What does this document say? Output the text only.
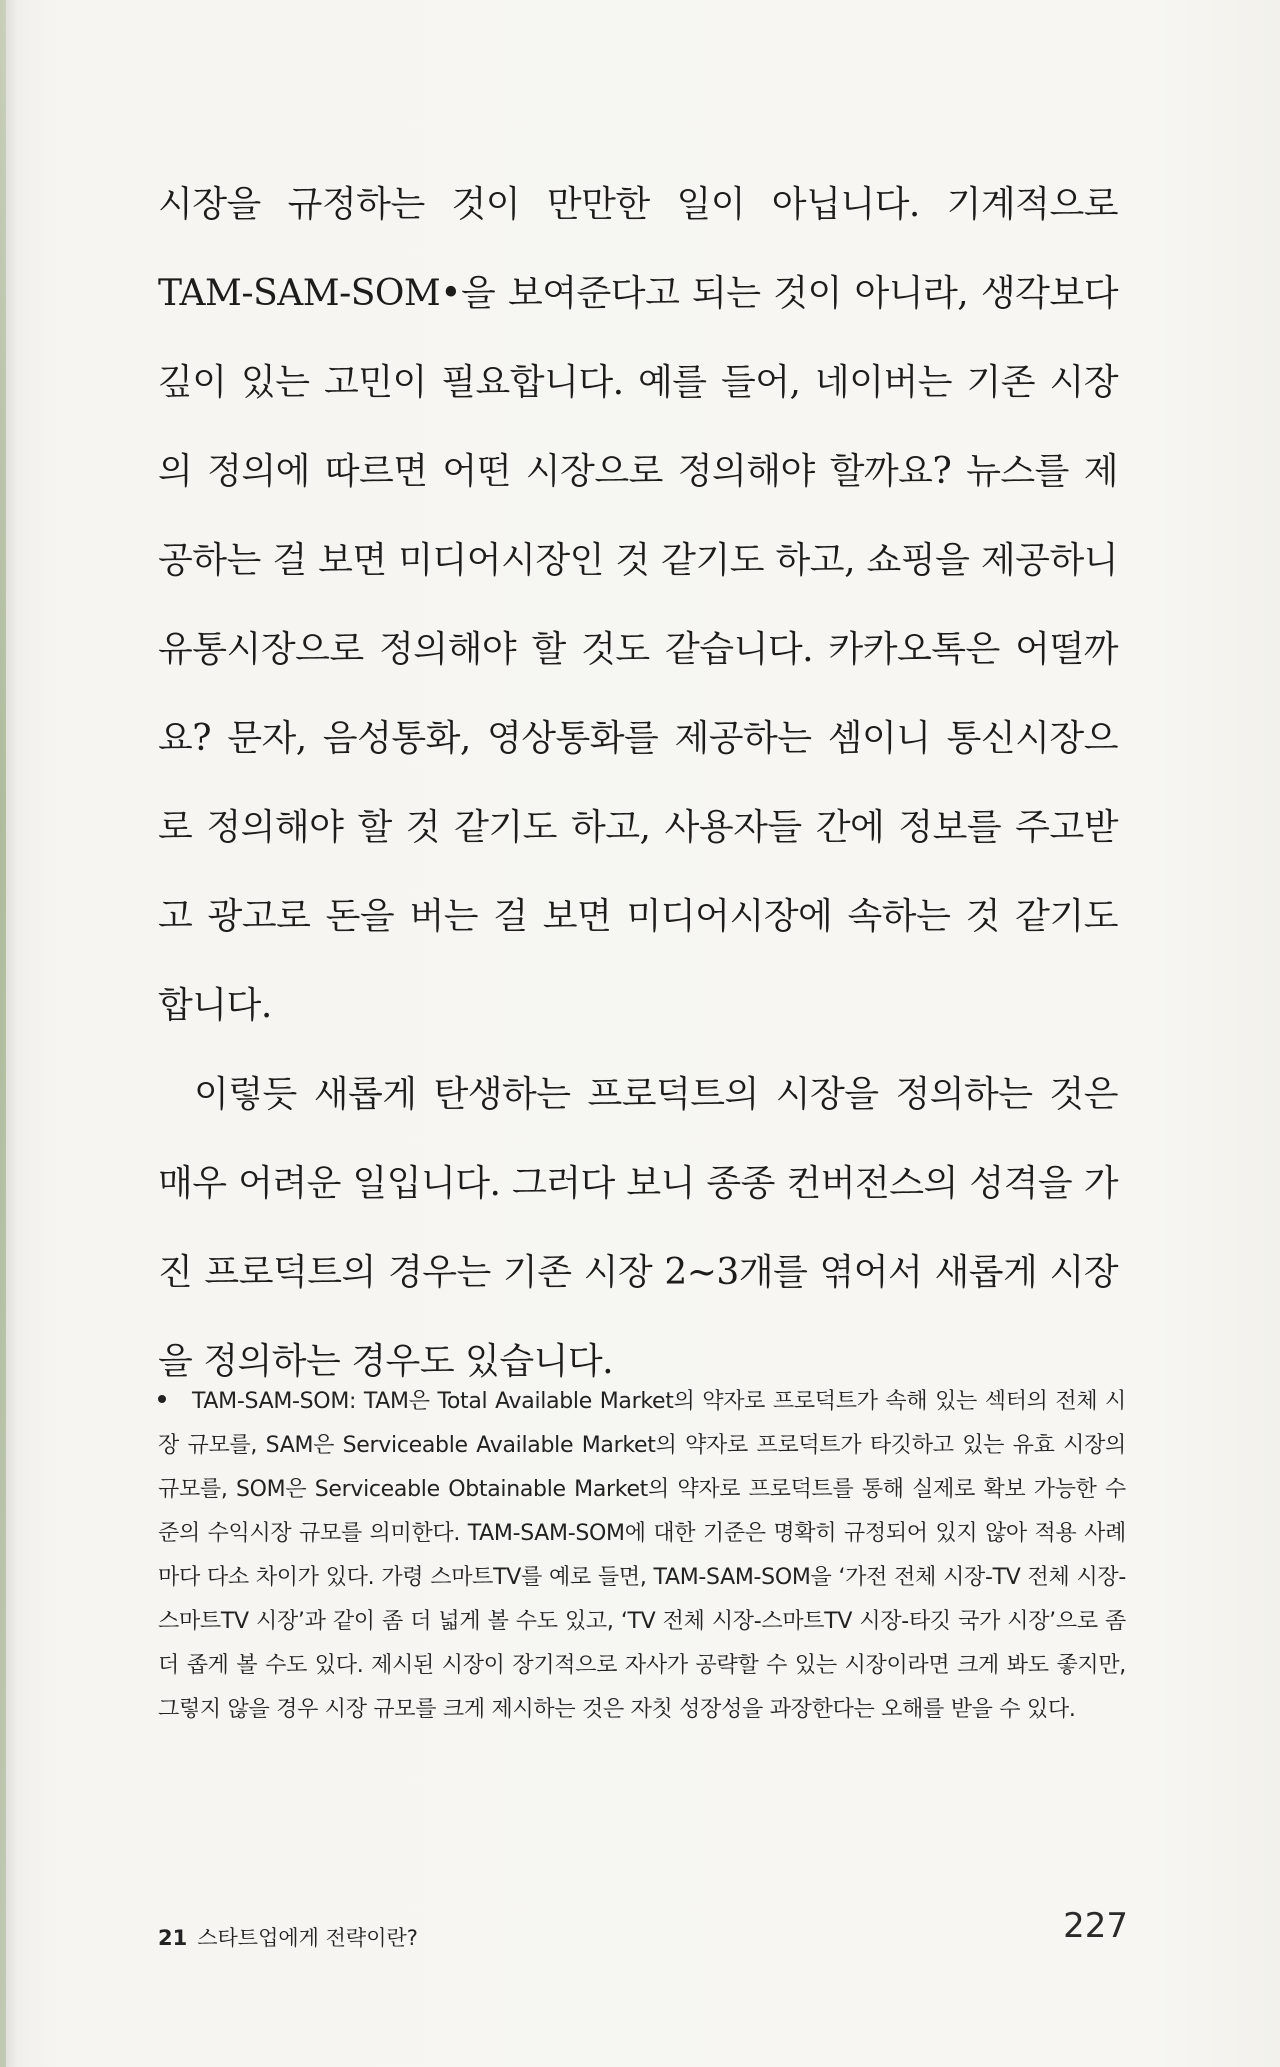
시장을 규정하는 것이 만만한 일이 아닙니다. 기계적으로 TAM-SAM-SOM•을 보여준다고 되는 것이 아니라, 생각보다 깊이 있는 고민이 필요합니다. 예를 들어, 네이버는 기존 시장의 정의에 따르면 어떤 시장으로 정의해야 할까요? 뉴스를 제공하는 걸 보면 미디어시장인 것 같기도 하고, 쇼핑을 제공하니 유통시장으로 정의해야 할 것도 같습니다. 카카오톡은 어떨까요? 문자, 음성통화, 영상통화를 제공하는 셈이니 통신시장으로 정의해야 할 것 같기도 하고, 사용자들 간에 정보를 주고받고 광고로 돈을 버는 걸 보면 미디어시장에 속하는 것 같기도 합니다.

이렇듯 새롭게 탄생하는 프로덕트의 시장을 정의하는 것은 매우 어려운 일입니다. 그러다 보니 종종 컨버전스의 성격을 가진 프로덕트의 경우는 기존 시장 2~3개를 엮어서 새롭게 시장을 정의하는 경우도 있습니다.

TAM-SAM-SOM: TAM은 Total Available Market의 약자로 프로덕트가 속해 있는 섹터의 전체 시장 규모를, SAM은 Serviceable Available Market의 약자로 프로덕트가 타깃하고 있는 유효 시장의 규모를, SOM은 Serviceable Obtainable Market의 약자로 프로덕트를 통해 실제로 확보 가능한 수준의 수익시장 규모를 의미한다. TAM-SAM-SOM에 대한 기준은 명확히 규정되어 있지 않아 적용 사례마다 다소 차이가 있다. 가령 스마트TV를 예로 들면, TAM-SAM-SOM을 ‘가전 전체 시장-TV 전체 시장-스마트TV 시장’과 같이 좀 더 넓게 볼 수도 있고, ‘TV 전체 시장-스마트TV 시장-타깃 국가 시장’으로 좀 더 좁게 볼 수도 있다. 제시된 시장이 장기적으로 자사가 공략할 수 있는 시장이라면 크게 봐도 좋지만, 그렇지 않을 경우 시장 규모를 크게 제시하는 것은 자칫 성장성을 과장한다는 오해를 받을 수 있다.
21 스타트업에게 전략이란?	227
